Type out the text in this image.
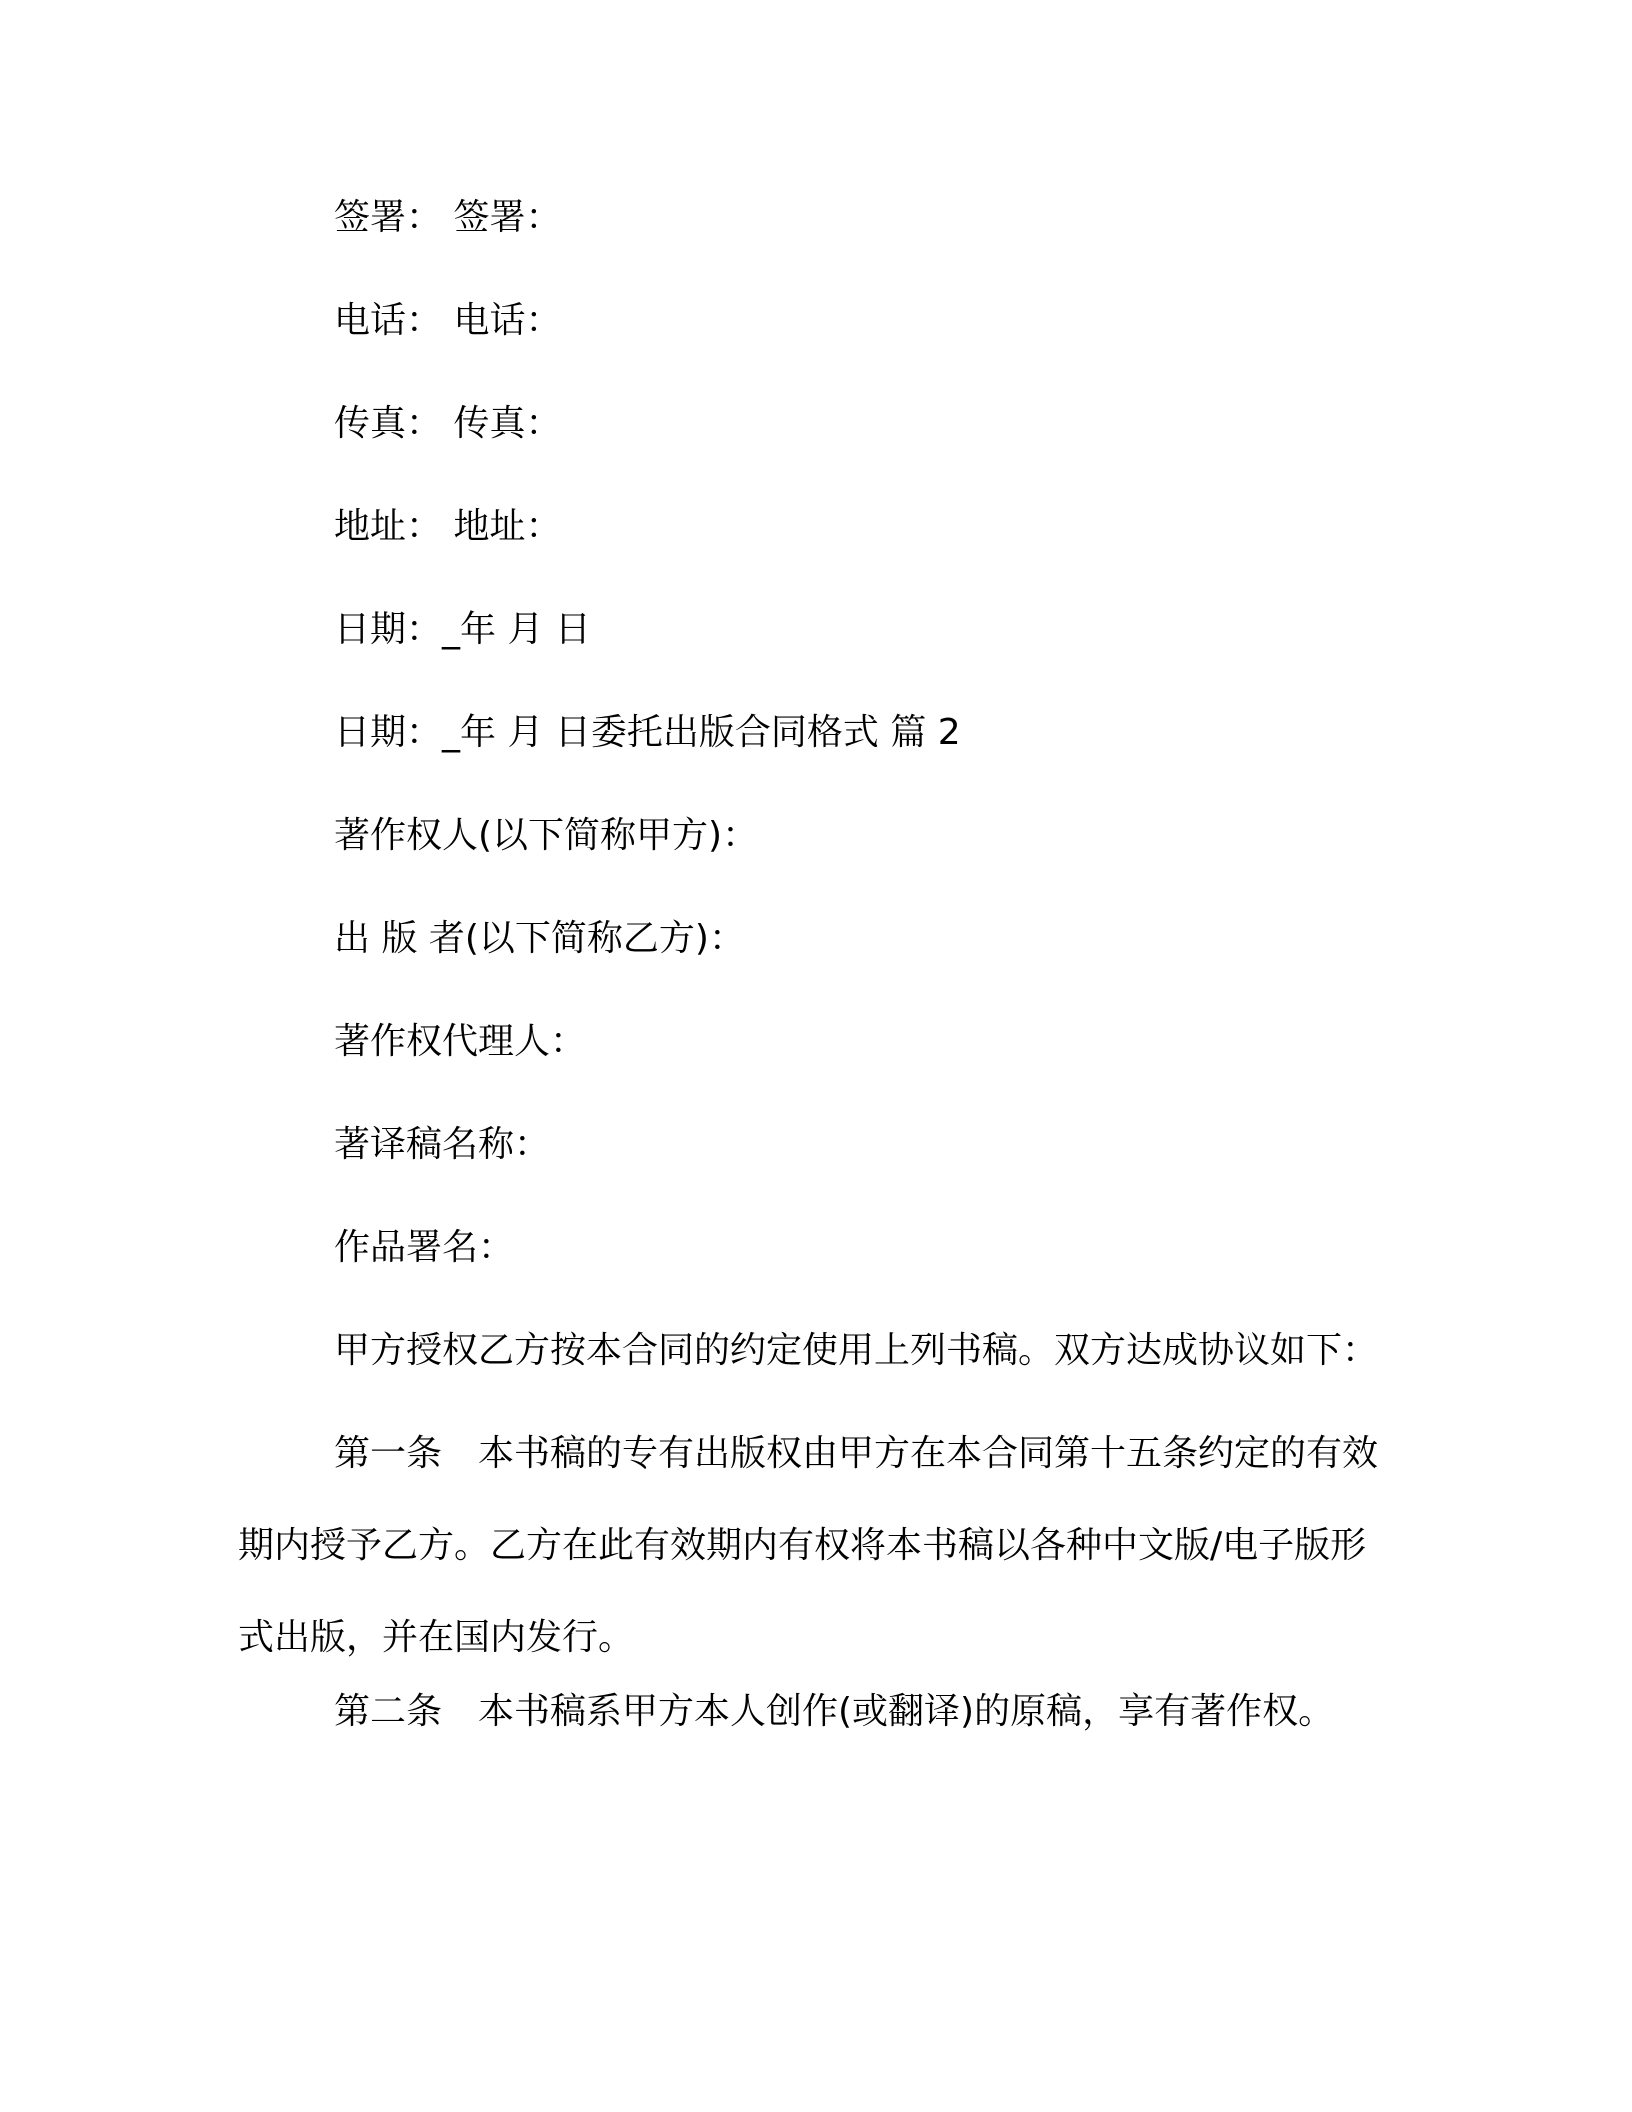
签署： 签署：
电话： 电话：
传真： 传真：
地址： 地址：
日期：_年 月 日
日期：_年 月 日委托出版合同格式 篇 2
著作权人(以下简称甲方)：
出 版 者(以下简称乙方)：
著作权代理人：
著译稿名称：
作品署名：
甲方授权乙方按本合同的约定使用上列书稿。双方达成协议如下：

第一条　本书稿的专有出版权由甲方在本合同第十五条约定的有效期内授予乙方。乙方在此有效期内有权将本书稿以各种中文版/电子版形式出版，并在国内发行。

第二条　本书稿系甲方本人创作(或翻译)的原稿，享有著作权。
